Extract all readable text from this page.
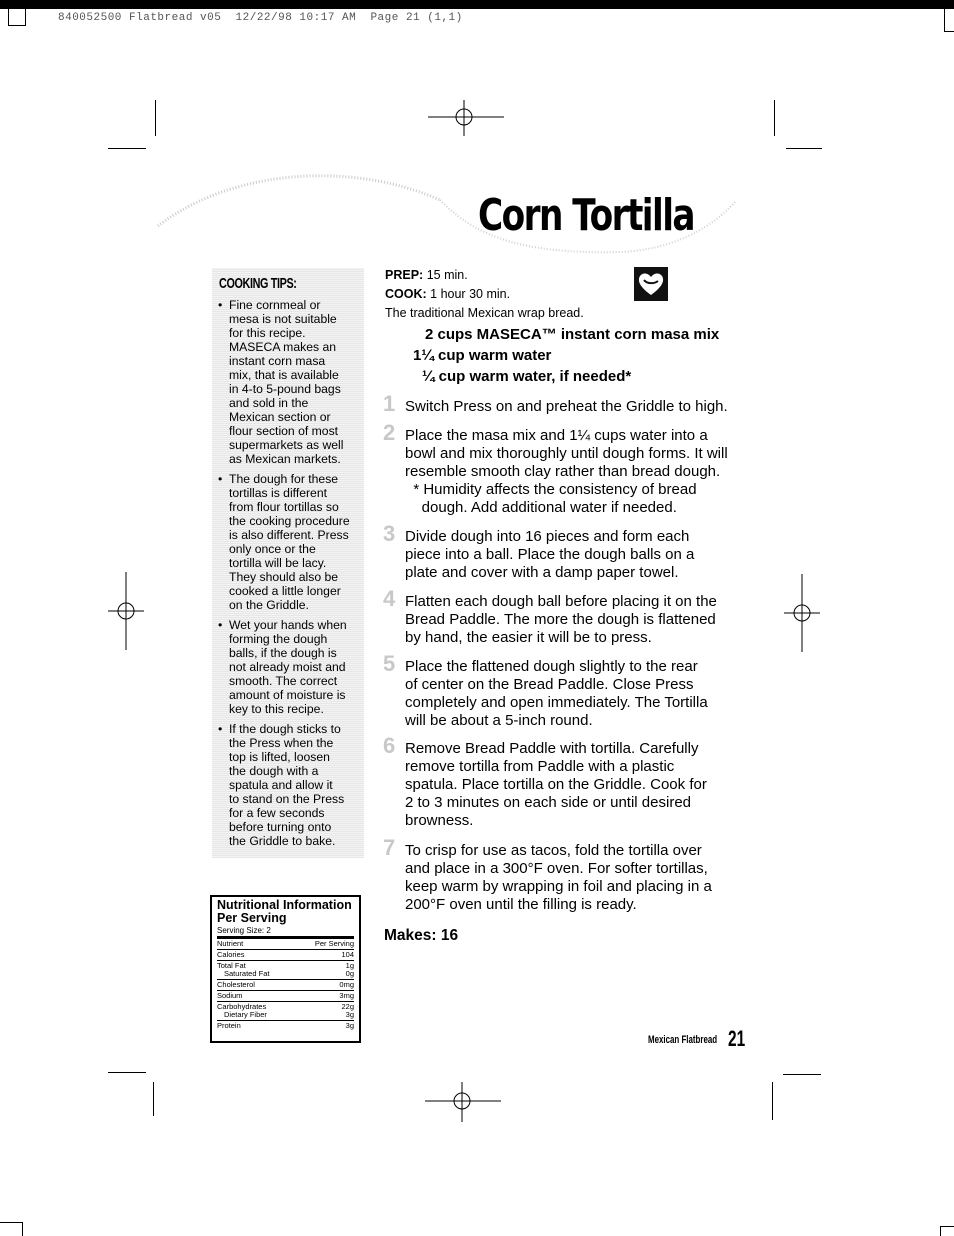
840052500 Flatbread v05  12/22/98 10:17 AM  Page 21 (1,1)
Corn Tortilla
COOKING TIPS:
• Fine cornmeal or
mesa is not suitable
for this recipe.
MASECA makes an
instant corn masa
mix, that is available
in 4-to 5-pound bags
and sold in the
Mexican section or
flour section of most
supermarkets as well
as Mexican markets.
• The dough for these
tortillas is different
from flour tortillas so
the cooking procedure
is also different. Press
only once or the
tortilla will be lacy.
They should also be
cooked a little longer
on the Griddle.
• Wet your hands when
forming the dough
balls, if the dough is
not already moist and
smooth. The correct
amount of moisture is
key to this recipe.
• If the dough sticks to
the Press when the
top is lifted, loosen
the dough with a
spatula and allow it
to stand on the Press
for a few seconds
before turning onto
the Griddle to bake.
PREP: 15 min.
COOK: 1 hour 30 min.
The traditional Mexican wrap bread.
2 cups MASECA™ instant corn masa mix
1¼ cup warm water
¼ cup warm water, if needed*
1 Switch Press on and preheat the Griddle to high.
2 Place the masa mix and 1¼ cups water into a
bowl and mix thoroughly until dough forms. It will
resemble smooth clay rather than bread dough.
* Humidity affects the consistency of bread
dough. Add additional water if needed.
3 Divide dough into 16 pieces and form each
piece into a ball. Place the dough balls on a
plate and cover with a damp paper towel.
4 Flatten each dough ball before placing it on the
Bread Paddle. The more the dough is flattened
by hand, the easier it will be to press.
5 Place the flattened dough slightly to the rear
of center on the Bread Paddle. Close Press
completely and open immediately. The Tortilla
will be about a 5-inch round.
6 Remove Bread Paddle with tortilla. Carefully
remove tortilla from Paddle with a plastic
spatula. Place tortilla on the Griddle. Cook for
2 to 3 minutes on each side or until desired
browness.
7 To crisp for use as tacos, fold the tortilla over
and place in a 300°F oven. For softer tortillas,
keep warm by wrapping in foil and placing in a
200°F oven until the filling is ready.
Makes: 16
Nutritional Information
Per Serving
Serving Size: 2
Nutrient	Per Serving
Calories	104
Total Fat	1g
Saturated Fat	0g
Cholesterol	0mg
Sodium	3mg
Carbohydrates	22g
Dietary Fiber	3g
Protein	3g
Mexican Flatbread 21
